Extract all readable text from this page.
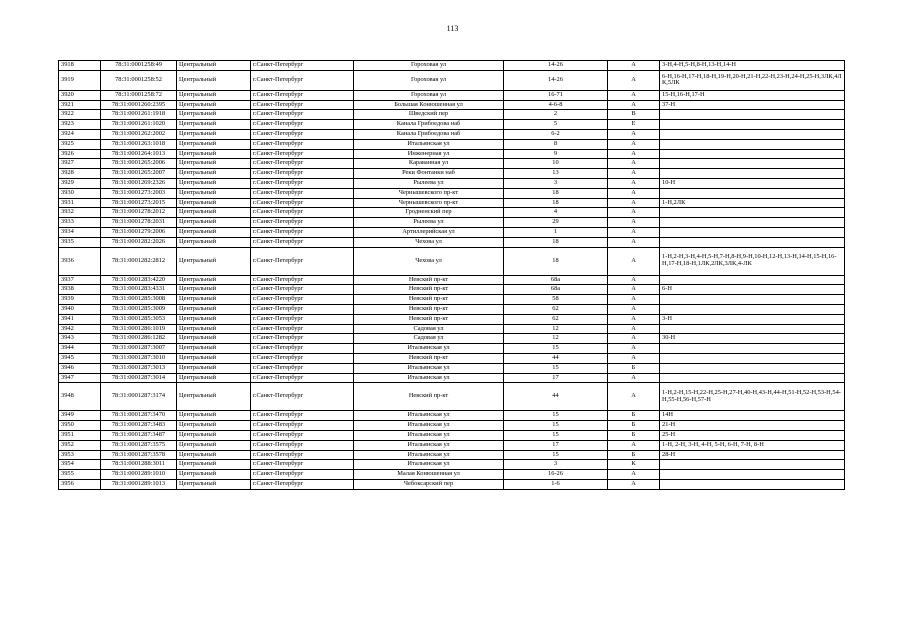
113
3918	78:31:0001258:49	Центральный	г.Санкт-Петербург	Гороховая ул	14-26	А	3-Н,4-Н,5-Н,8-Н,13-Н,14-Н
3919	78:31:0001258:52	Центральный	г.Санкт-Петербург	Гороховая ул	14-26	А	6-Н,16-Н,17-Н,18-Н,19-Н,20-Н,21-Н,22-Н,23-Н,24-Н,25-Н,3ЛК,4ЛК,5ЛК
3920	78:31:0001258:72	Центральный	г.Санкт-Петербург	Гороховая ул	16-71	А	15-Н,16-Н,17-Н
3921	78:31:0001260:2395	Центральный	г.Санкт-Петербург	Большая Конюшенная ул	4-6-8	А	37-Н
3922	78:31:0001261:1918	Центральный	г.Санкт-Петербург	Шведский пер	2	В	
3923	78:31:0001261:1020	Центральный	г.Санкт-Петербург	Канала Грибоедова наб	5	Е	
3924	78:31:0001262:2002	Центральный	г.Санкт-Петербург	Канала Грибоедова наб	6-2	А	
3925	78:31:0001263:1018	Центральный	г.Санкт-Петербург	Итальянская ул	8	А	
3926	78:31:0001264:1013	Центральный	г.Санкт-Петербург	Инженерная ул	9	А	
3927	78:31:0001265:2006	Центральный	г.Санкт-Петербург	Караванная ул	10	А	
3928	78:31:0001265:2007	Центральный	г.Санкт-Петербург	Реки Фонтанки наб	13	А	
3929	78:31:0001269:2326	Центральный	г.Санкт-Петербург	Рылеева ул	3	А	10-Н
3930	78:31:0001273:2003	Центральный	г.Санкт-Петербург	Чернышевского пр-кт	18	А	
3931	78:31:0001273:2015	Центральный	г.Санкт-Петербург	Чернышевского пр-кт	18	А	1-Н,2ЛК
3932	78:31:0001278:2012	Центральный	г.Санкт-Петербург	Гродненский пер	4	А	
3933	78:31:0001278:2031	Центральный	г.Санкт-Петербург	Рылеева ул	29	А	
3934	78:31:0001279:2006	Центральный	г.Санкт-Петербург	Артиллерийская ул	1	А	
3935	78:31:0001282:2026	Центральный	г.Санкт-Петербург	Чехова ул	18	А	
3936	78:31:0001282:2812	Центральный	г.Санкт-Петербург	Чехова ул	18	А	1-Н,2-Н,3-Н,4-Н,5-Н,7-Н,8-Н,9-Н,10-Н,12-Н,13-Н,14-Н,15-Н,16-Н,17-Н,18-Н,1ЛК,2ЛК,3ЛК,4-ЛК
3937	78:31:0001283:4220	Центральный	г.Санкт-Петербург	Невский пр-кт	68а	А	
3938	78:31:0001283:4331	Центральный	г.Санкт-Петербург	Невский пр-кт	68а	А	6-Н
3939	78:31:0001285:3008	Центральный	г.Санкт-Петербург	Невский пр-кт	58	А	
3940	78:31:0001285:3009	Центральный	г.Санкт-Петербург	Невский пр-кт	62	А	
3941	78:31:0001285:3053	Центральный	г.Санкт-Петербург	Невский пр-кт	62	А	3-Н
3942	78:31:0001286:1019	Центральный	г.Санкт-Петербург	Садовая ул	12	А	
3943	78:31:0001286:1282	Центральный	г.Санкт-Петербург	Садовая ул	12	А	30-Н
3944	78:31:0001287:3007	Центральный	г.Санкт-Петербург	Итальянская ул	15	А	
3945	78:31:0001287:3010	Центральный	г.Санкт-Петербург	Невский пр-кт	44	А	
3946	78:31:0001287:3013	Центральный	г.Санкт-Петербург	Итальянская ул	15	Б	
3947	78:31:0001287:3014	Центральный	г.Санкт-Петербург	Итальянская ул	17	А	
3948	78:31:0001287:3174	Центральный	г.Санкт-Петербург	Невский пр-кт	44	А	1-Н,2-Н,15-Н,22-Н,25-Н,27-Н,40-Н,43-Н,44-Н,51-Н,52-Н,53-Н,54-Н,55-Н,56-Н,57-Н
3949	78:31:0001287:3470	Центральный	г.Санкт-Петербург	Итальянская ул	15	Б	14Н
3950	78:31:0001287:3483	Центральный	г.Санкт-Петербург	Итальянская ул	15	Б	21-Н
3951	78:31:0001287:3487	Центральный	г.Санкт-Петербург	Итальянская ул	15	Б	25-Н
3952	78:31:0001287:3575	Центральный	г.Санкт-Петербург	Итальянская ул	17	А	1-Н, 2-Н, 3-Н, 4-Н, 5-Н, 6-Н, 7-Н, 8-Н
3953	78:31:0001287:3578	Центральный	г.Санкт-Петербург	Итальянская ул	15	Б	28-Н
3954	78:31:0001288:3011	Центральный	г.Санкт-Петербург	Итальянская ул	3	К	
3955	78:31:0001289:1010	Центральный	г.Санкт-Петербург	Малая Конюшенная ул	16-26	А	
3956	78:31:0001289:1013	Центральный	г.Санкт-Петербург	Чебоксарский пер	1-6	А	
